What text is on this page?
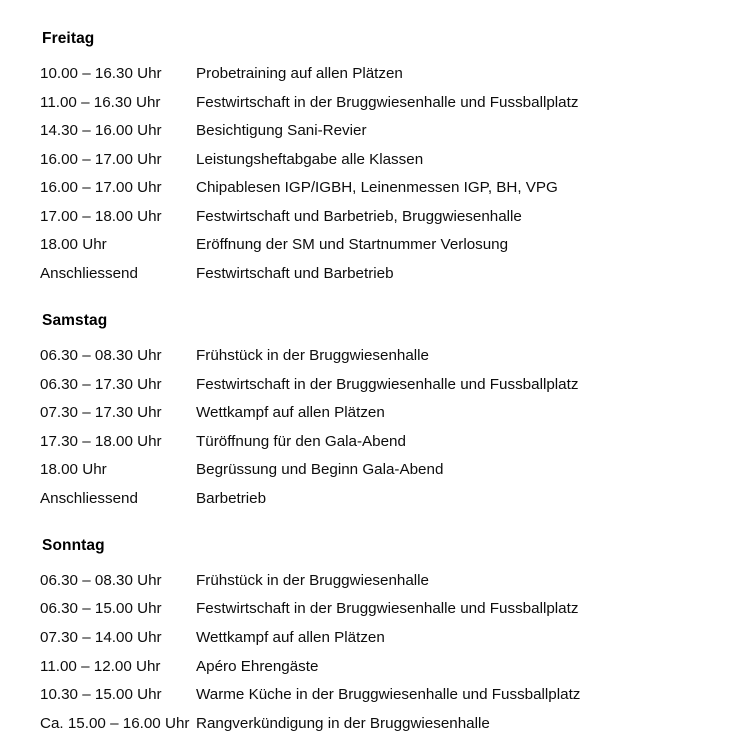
Freitag
10.00 – 16.30 Uhr	Probetraining auf allen Plätzen
11.00 – 16.30 Uhr	Festwirtschaft in der Bruggwiesenhalle und Fussballplatz
14.30 – 16.00 Uhr	Besichtigung Sani-Revier
16.00 – 17.00 Uhr	Leistungsheftabgabe alle Klassen
16.00 – 17.00 Uhr	Chipablesen IGP/IGBH, Leinenmessen IGP, BH, VPG
17.00 – 18.00 Uhr	Festwirtschaft und Barbetrieb, Bruggwiesenhalle
18.00 Uhr	Eröffnung der SM und Startnummer Verlosung
Anschliessend	Festwirtschaft und Barbetrieb
Samstag
06.30 – 08.30 Uhr	Frühstück in der Bruggwiesenhalle
06.30 – 17.30 Uhr	Festwirtschaft in der Bruggwiesenhalle und Fussballplatz
07.30 – 17.30 Uhr	Wettkampf auf allen Plätzen
17.30 – 18.00 Uhr	Türöffnung für den Gala-Abend
18.00 Uhr	Begrüssung und Beginn Gala-Abend
Anschliessend	Barbetrieb
Sonntag
06.30 – 08.30 Uhr	Frühstück in der Bruggwiesenhalle
06.30 – 15.00 Uhr	Festwirtschaft in der Bruggwiesenhalle und Fussballplatz
07.30 – 14.00 Uhr	Wettkampf auf allen Plätzen
11.00 – 12.00 Uhr	Apéro Ehrengäste
10.30 – 15.00 Uhr	Warme Küche in der Bruggwiesenhalle und Fussballplatz
Ca. 15.00 – 16.00 Uhr Rangverkündigung in der Bruggwiesenhalle
